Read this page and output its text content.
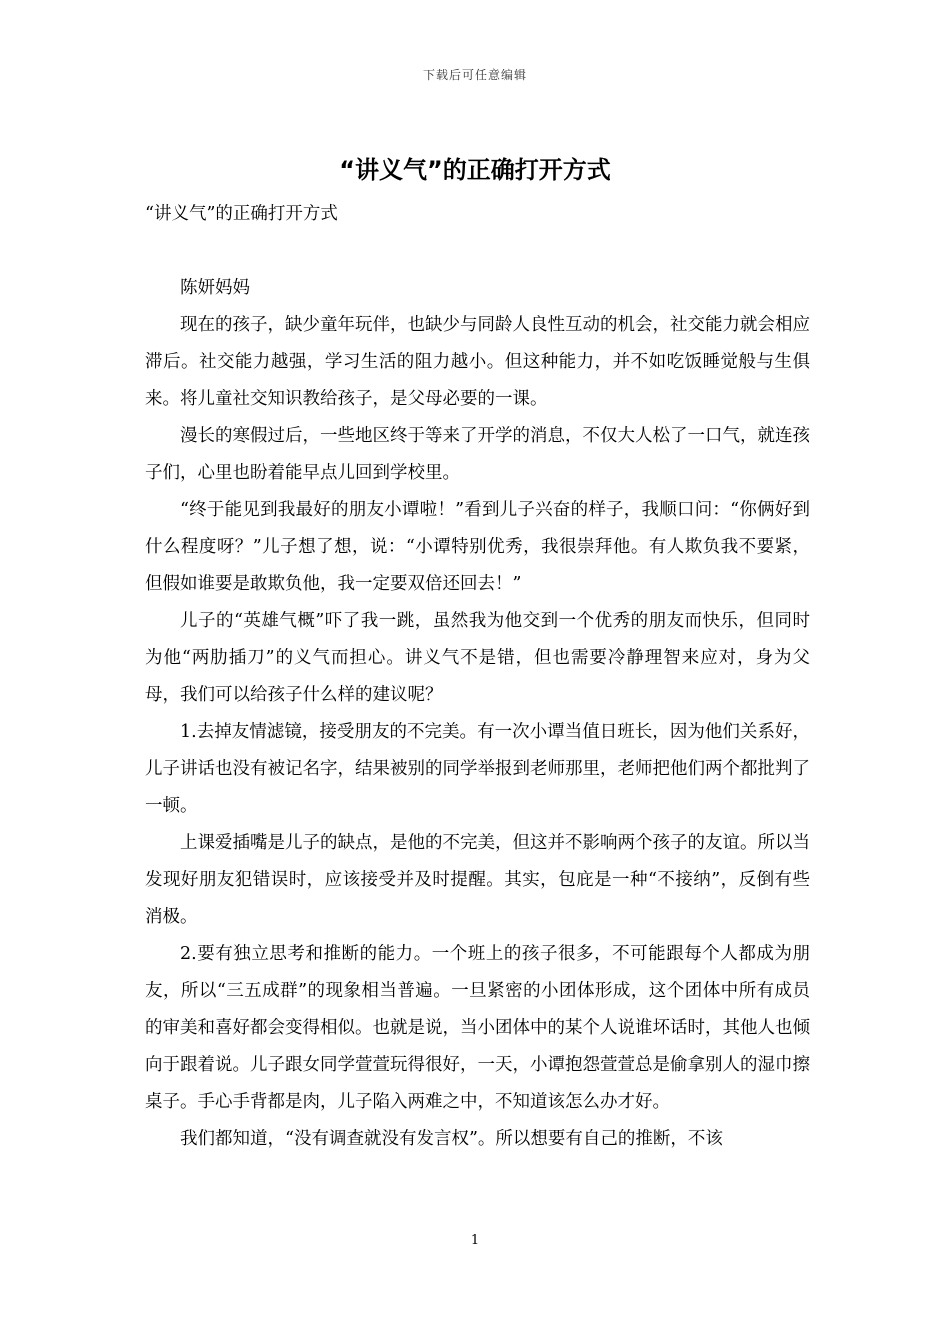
下载后可任意编辑
“讲义气”的正确打开方式

“讲义气”的正确打开方式

陈妍妈妈

现在的孩子，缺少童年玩伴，也缺少与同龄人良性互动的机会，社交能力就会相应滞后。社交能力越强，学习生活的阻力越小。但这种能力，并不如吃饭睡觉般与生俱来。将儿童社交知识教给孩子，是父母必要的一课。

漫长的寒假过后，一些地区终于等来了开学的消息，不仅大人松了一口气，就连孩子们，心里也盼着能早点儿回到学校里。

“终于能见到我最好的朋友小谭啦！”看到儿子兴奋的样子，我顺口问：“你俩好到什么程度呀？”儿子想了想，说：“小谭特别优秀，我很崇拜他。有人欺负我不要紧，但假如谁要是敢欺负他，我一定要双倍还回去！”

儿子的“英雄气概”吓了我一跳，虽然我为他交到一个优秀的朋友而快乐，但同时为他“两肋插刀”的义气而担心。讲义气不是错，但也需要冷静理智来应对，身为父母，我们可以给孩子什么样的建议呢？

1.去掉友情滤镜，接受朋友的不完美。有一次小谭当值日班长，因为他们关系好，儿子讲话也没有被记名字，结果被别的同学举报到老师那里，老师把他们两个都批判了一顿。

上课爱插嘴是儿子的缺点，是他的不完美，但这并不影响两个孩子的友谊。所以当发现好朋友犯错误时，应该接受并及时提醒。其实，包庇是一种“不接纳”，反倒有些消极。

2.要有独立思考和推断的能力。一个班上的孩子很多，不可能跟每个人都成为朋友，所以“三五成群”的现象相当普遍。一旦紧密的小团体形成，这个团体中所有成员的审美和喜好都会变得相似。也就是说，当小团体中的某个人说谁坏话时，其他人也倾向于跟着说。儿子跟女同学萱萱玩得很好，一天，小谭抱怨萱萱总是偷拿别人的湿巾擦桌子。手心手背都是肉，儿子陷入两难之中，不知道该怎么办才好。

我们都知道，“没有调查就没有发言权”。所以想要有自己的推断，不该

1
